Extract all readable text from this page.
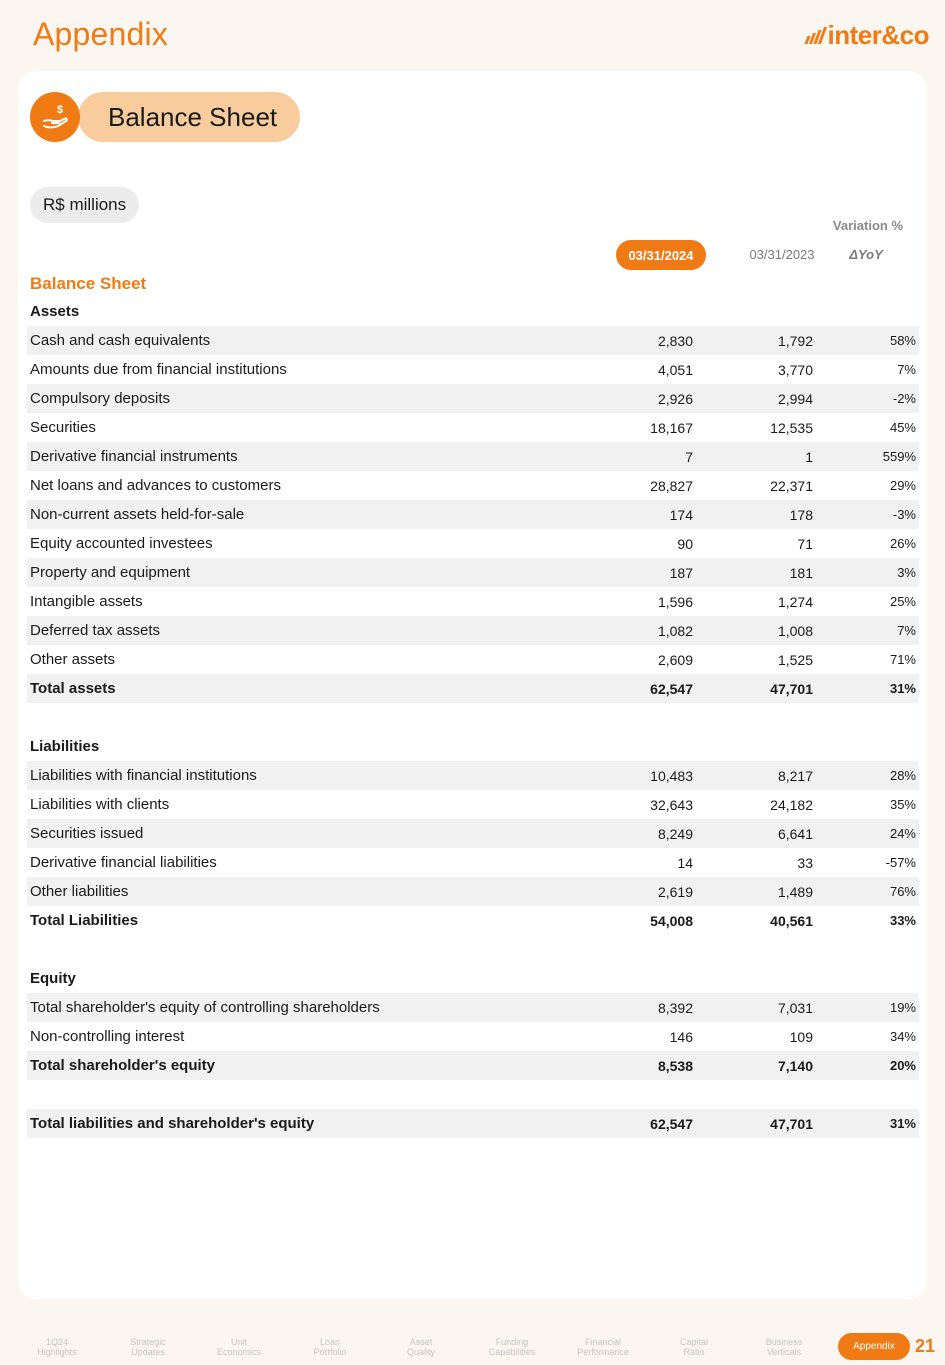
Appendix	inter&co
$	Balance Sheet
R$ millions
Variation %
03/31/2024	03/31/2023	ΔYoY
Balance Sheet
Assets
Cash and cash equivalents	2,830	1,792	58%
Amounts due from financial institutions	4,051	3,770	7%
Compulsory deposits	2,926	2,994	-2%
Securities	18,167	12,535	45%
Derivative financial instruments	7	1	559%
Net loans and advances to customers	28,827	22,371	29%
Non-current assets held-for-sale	174	178	-3%
Equity accounted investees	90	71	26%
Property and equipment	187	181	3%
Intangible assets	1,596	1,274	25%
Deferred tax assets	1,082	1,008	7%
Other assets	2,609	1,525	71%
Total assets	62,547	47,701	31%
Liabilities
Liabilities with financial institutions	10,483	8,217	28%
Liabilities with clients	32,643	24,182	35%
Securities issued	8,249	6,641	24%
Derivative financial liabilities	14	33	-57%
Other liabilities	2,619	1,489	76%
Total Liabilities	54,008	40,561	33%
Equity
Total shareholder's equity of controlling shareholders	8,392	7,031	19%
Non-controlling interest	146	109	34%
Total shareholder's equity	8,538	7,140	20%
Total liabilities and shareholder's equity	62,547	47,701	31%
1Q24
Highlights
Strategic
Updates
Unit
Economics
Loan
Portfolio
Asset
Quality
Funding
Capabilities
Financial
Performance
Capital
Ratio
Business
Verticals	Appendix	21
